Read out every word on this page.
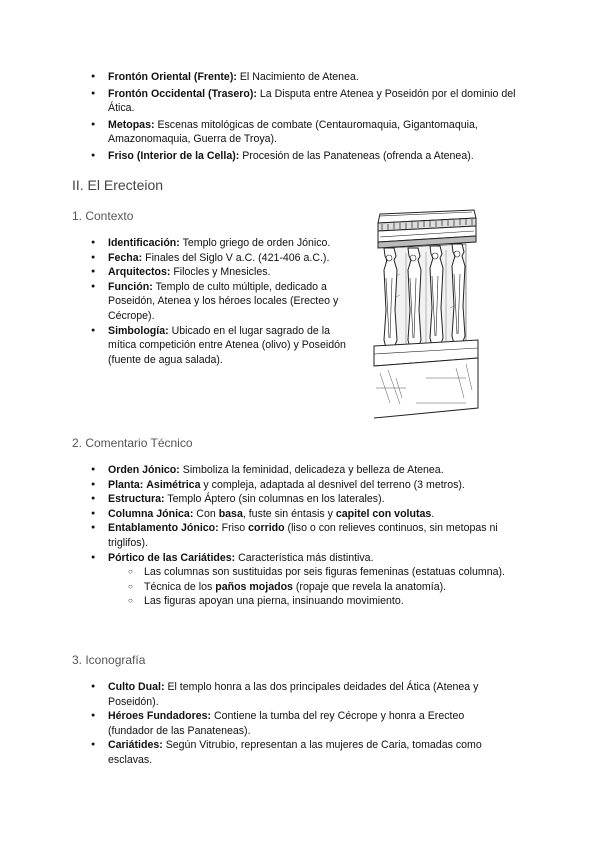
● Frontón Oriental (Frente): El Nacimiento de Atenea.
● Frontón Occidental (Trasero): La Disputa entre Atenea y Poseidón por el dominio del Ática.
● Metopas: Escenas mitológicas de combate (Centauromaquia, Gigantomaquia, Amazonomaquia, Guerra de Troya).
● Friso (Interior de la Cella): Procesión de las Panateneas (ofrenda a Atenea).
II. El Erecteion
1. Contexto
● Identificación: Templo griego de orden Jónico.
● Fecha: Finales del Siglo V a.C. (421-406 a.C.).
● Arquitectos: Filocles y Mnesicles.
● Función: Templo de culto múltiple, dedicado a Poseidón, Atenea y los héroes locales (Erecteo y Cécrope).
● Simbología: Ubicado en el lugar sagrado de la mítica competición entre Atenea (olivo) y Poseidón (fuente de agua salada).
2. Comentario Técnico
● Orden Jónico: Simboliza la feminidad, delicadeza y belleza de Atenea.
● Planta: Asimétrica y compleja, adaptada al desnivel del terreno (3 metros).
● Estructura: Templo Áptero (sin columnas en los laterales).
● Columna Jónica: Con basa, fuste sin éntasis y capitel con volutas.
● Entablamento Jónico: Friso corrido (liso o con relieves continuos, sin metopas ni triglifos).
● Pórtico de las Cariátides: Característica más distintiva.
○ Las columnas son sustituidas por seis figuras femeninas (estatuas columna).
○ Técnica de los paños mojados (ropaje que revela la anatomía).
○ Las figuras apoyan una pierna, insinuando movimiento.
3. Iconografía
● Culto Dual: El templo honra a las dos principales deidades del Ática (Atenea y Poseidón).
● Héroes Fundadores: Contiene la tumba del rey Cécrope y honra a Erecteo (fundador de las Panateneas).
● Cariátides: Según Vitrubio, representan a las mujeres de Caria, tomadas como esclavas.
